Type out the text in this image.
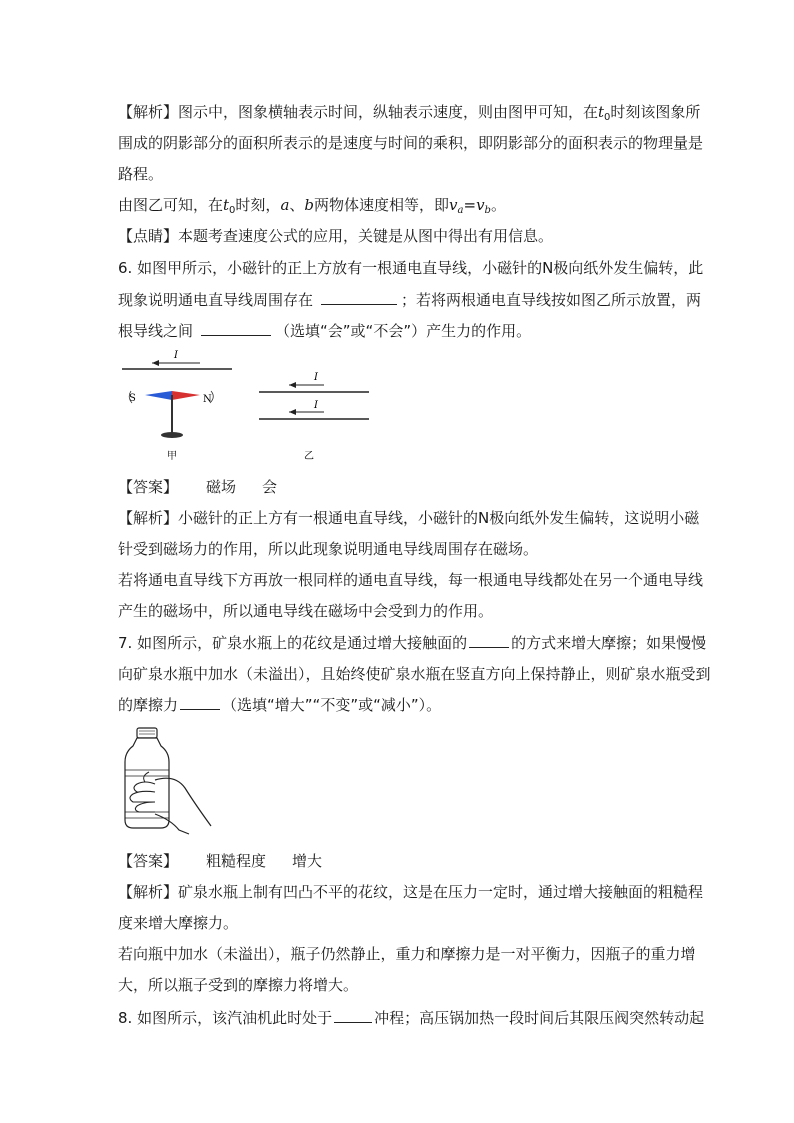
【解析】图示中，图象横轴表示时间，纵轴表示速度，则由图甲可知，在$t_0$时刻该图象所
围成的阴影部分的面积所表示的是速度与时间的乘积，即阴影部分的面积表示的物理量是
路程。
由图乙可知，在$t_0$时刻，a、b两物体速度相等，即$v_a=v_b$。
【点睛】本题考查速度公式的应用，关键是从图中得出有用信息。
6. 如图甲所示，小磁针的正上方放有一根通电直导线，小磁针的N极向纸外发生偏转，此
现象说明通电直导线周围存在	；若将两根通电直导线按如图乙所示放置，两
根导线之间	（选填“会”或“不会”）产生力的作用。
I
S	N
甲
I
I
乙
【答案】 磁场 会
【解析】小磁针的正上方有一根通电直导线，小磁针的N极向纸外发生偏转，这说明小磁
针受到磁场力的作用，所以此现象说明通电导线周围存在磁场。
若将通电直导线下方再放一根同样的通电直导线，每一根通电导线都处在另一个通电导线
产生的磁场中，所以通电导线在磁场中会受到力的作用。
7. 如图所示，矿泉水瓶上的花纹是通过增大接触面的	的方式来增大摩擦；如果慢慢
向矿泉水瓶中加水（未溢出），且始终使矿泉水瓶在竖直方向上保持静止，则矿泉水瓶受到
的摩擦力	（选填“增大”“不变”或“减小”）。
【答案】 粗糙程度 增大
【解析】矿泉水瓶上制有凹凸不平的花纹，这是在压力一定时，通过增大接触面的粗糙程
度来增大摩擦力。
若向瓶中加水（未溢出），瓶子仍然静止，重力和摩擦力是一对平衡力，因瓶子的重力增
大，所以瓶子受到的摩擦力将增大。
8. 如图所示，该汽油机此时处于	冲程；高压锅加热一段时间后其限压阀突然转动起
